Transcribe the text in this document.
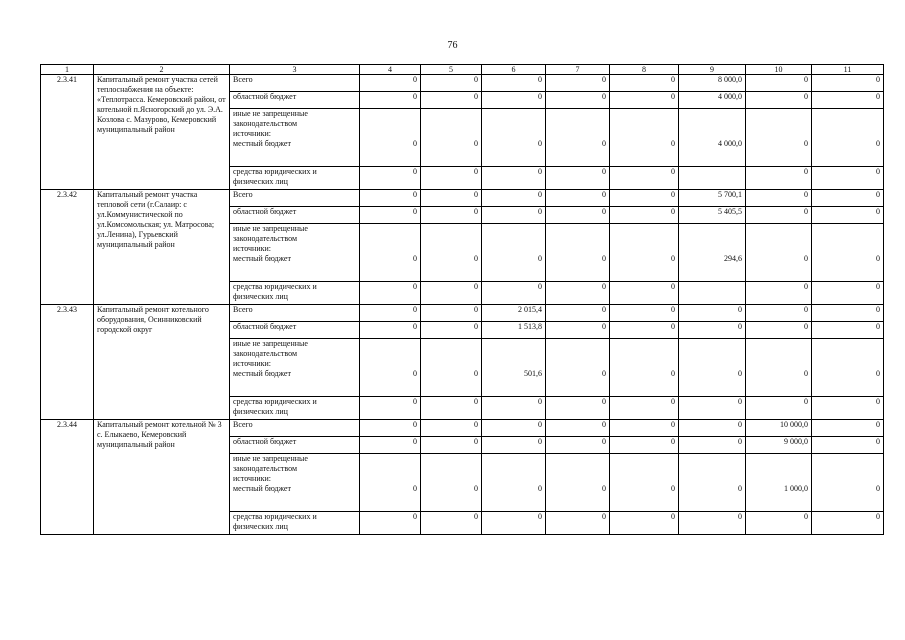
76
1	2	3	4	5	6	7	8	9	10	11
2.3.41	Капитальный ремонт участка сетей теплоснабжения на объекте: «Теплотрасса. Кемеровский район, от котельной п.Ясногорский до ул. Э.А. Козлова с. Мазурово, Кемеровский муниципальный район	Всего	0	0	0	0	0	8 000,0	0	0
		областной бюджет	0	0	0	0	0	4 000,0	0	0

		иные не запрещенные
законодательством
источники:
местный бюджет	0	0	0	0	0	4 000,0	0	0

		средства юридических и
физических лиц	0	0	0	0	0		0	0
2.3.42	Капитальный ремонт участка тепловой сети (г.Салаир: с ул.Коммунистической по ул.Комсомольская; ул. Матросова; ул.Ленина), Гурьевский муниципальный район	Всего	0	0	0	0	0	5 700,1	0	0
		областной бюджет	0	0	0	0	0	5 405,5	0	0

		иные не запрещенные
законодательством
источники:
местный бюджет	0	0	0	0	0	294,6	0	0

		средства юридических и
физических лиц	0	0	0	0	0		0	0
2.3.43	Капитальный ремонт котельного оборудования, Осинниковский городской округ	Всего	0	0	2 015,4	0	0	0	0	0
		областной бюджет	0	0	1 513,8	0	0	0	0	0

		иные не запрещенные
законодательством
источники:
местный бюджет	0	0	501,6	0	0	0	0	0

		средства юридических и
физических лиц	0	0	0	0	0	0	0	0
2.3.44	Капитальный ремонт котельной № 3 с. Елыкаево, Кемеровский муниципальный район	Всего	0	0	0	0	0	0	10 000,0	0
		областной бюджет	0	0	0	0	0	0	9 000,0	0

		иные не запрещенные
законодательством
источники:
местный бюджет	0	0	0	0	0	0	1 000,0	0

		средства юридических и
физических лиц	0	0	0	0	0	0	0	0
